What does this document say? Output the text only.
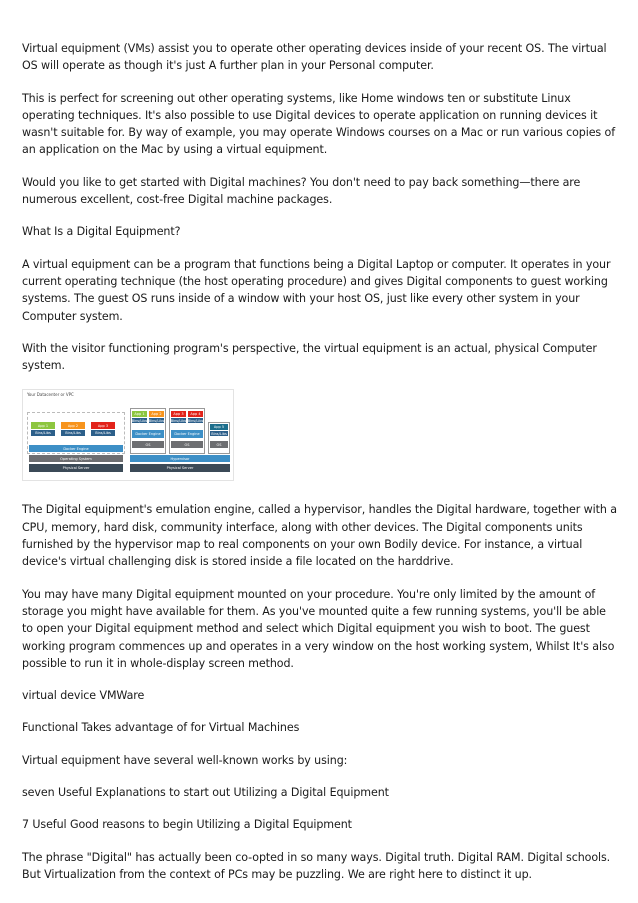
Virtual equipment (VMs) assist you to operate other operating devices inside of your recent OS. The virtual OS will operate as though it's just A further plan in your Personal computer.

This is perfect for screening out other operating systems, like Home windows ten or substitute Linux operating techniques. It's also possible to use Digital devices to operate application on running devices it wasn't suitable for. By way of example, you may operate Windows courses on a Mac or run various copies of an application on the Mac by using a virtual equipment.

Would you like to get started with Digital machines? You don't need to pay back something—there are numerous excellent, cost-free Digital machine packages.

What Is a Digital Equipment?

A virtual equipment can be a program that functions being a Digital Laptop or computer. It operates in your current operating technique (the host operating procedure) and gives Digital components to guest working systems. The guest OS runs inside of a window with your host OS, just like every other system in your Computer system.

With the visitor functioning program's perspective, the virtual equipment is an actual, physical Computer system.

Your Datacenter or VPC
App 1	App 2	App 3
Bins/Libs	Bins/Libs	Bins/Libs
Docker Engine
Operating System
Physical Server
App 1	App 2
Bins/Libs Bins/Libs
Docker Engine
OS
App 3	App 4
Bins/Libs Bins/Libs
Docker Engine
OS
App 5
Bins/Libs
OS
Hypervisor
Physical Server

The Digital equipment's emulation engine, called a hypervisor, handles the Digital hardware, together with a CPU, memory, hard disk, community interface, along with other devices. The Digital components units furnished by the hypervisor map to real components on your own Bodily device. For instance, a virtual device's virtual challenging disk is stored inside a file located on the harddrive.

You may have many Digital equipment mounted on your procedure. You're only limited by the amount of storage you might have available for them. As you've mounted quite a few running systems, you'll be able to open your Digital equipment method and select which Digital equipment you wish to boot. The guest working program commences up and operates in a very window on the host working system, Whilst It's also possible to run it in whole-display screen method.

virtual device VMWare

Functional Takes advantage of for Virtual Machines

Virtual equipment have several well-known works by using:

seven Useful Explanations to start out Utilizing a Digital Equipment

7 Useful Good reasons to begin Utilizing a Digital Equipment

The phrase "Digital" has actually been co-opted in so many ways. Digital truth. Digital RAM. Digital schools. But Virtualization from the context of PCs may be puzzling. We are right here to distinct it up.
